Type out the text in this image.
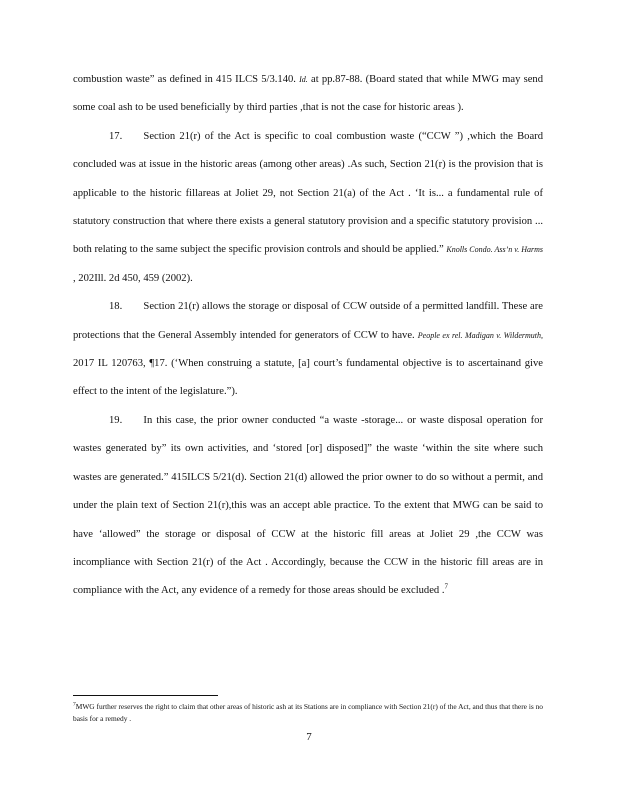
combustion waste” as defined in 415 ILCS 5/3.140. Id. at pp.87-88. (Board stated that while MWG may send some coal ash to be used beneficially by third parties ,that is not the case for historic areas ).

17.  Section 21(r) of the Act is specific to coal combustion waste (“CCW ”) ,which the Board concluded was at issue in the historic areas (among other areas) .As such, Section 21(r) is the provision that is applicable to the historic fillareas at Joliet 29, not Section 21(a) of the Act . ‘It is... a fundamental rule of statutory construction that where there exists a general statutory provision and a specific statutory provision ... both relating to the same subject the specific provision controls and should be applied.” Knolls Condo. Ass’n v. Harms , 202Ill. 2d 450, 459 (2002).

18.  Section 21(r) allows the storage or disposal of CCW outside of a permitted landfill. These are protections that the General Assembly intended for generators of CCW to have. People ex rel. Madigan v. Wildermuth, 2017 IL 120763, ¶17. (‘When construing a statute, [a] court’s fundamental objective is to ascertainand give effect to the intent of the legislature.”).

19.  In this case, the prior owner conducted “a waste -storage... or waste disposal operation for wastes generated by” its own activities, and ‘stored [or] disposed]” the waste ‘within the site where such wastes are generated.” 415ILCS 5/21(d). Section 21(d) allowed the prior owner to do so without a permit, and under the plain text of Section 21(r),this was an accept able practice. To the extent that MWG can be said to have ‘allowed” the storage or disposal of CCW at the historic fill areas at Joliet 29 ,the CCW was incompliance with Section 21(r) of the Act . Accordingly, because the CCW in the historic fill areas are in compliance with the Act, any evidence of a remedy for those areas should be excluded .$^7$

$^7$MWG further reserves the right to claim that other areas of historic ash at its Stations are in compliance with Section 21(r) of the Act, and thus that there is no basis for a remedy .
7
